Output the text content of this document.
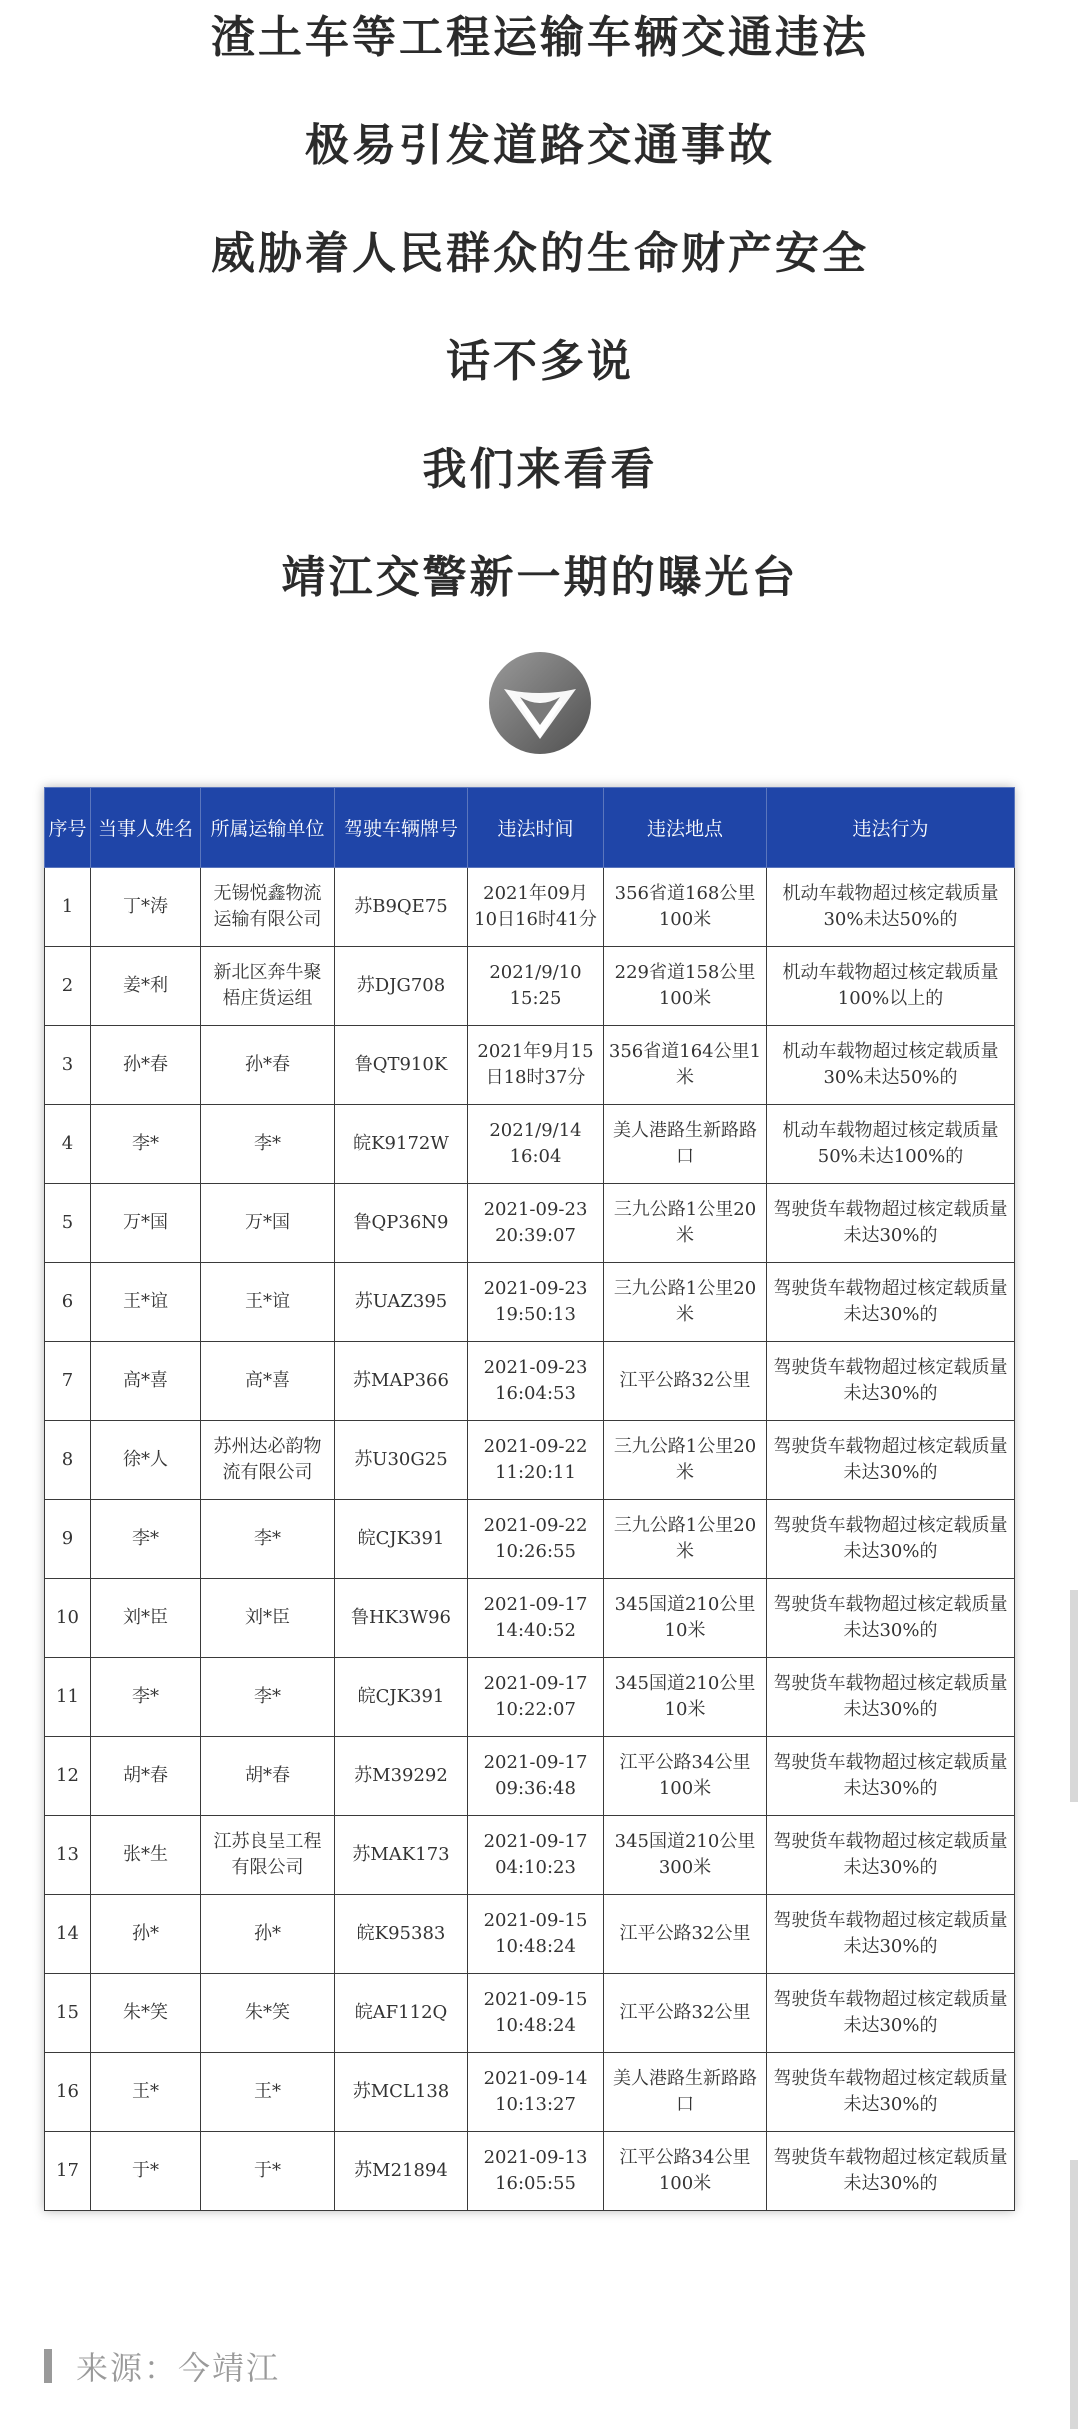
渣土车等工程运输车辆交通违法
极易引发道路交通事故
威胁着人民群众的生命财产安全
话不多说
我们来看看
靖江交警新一期的曝光台
序号	当事人姓名	所属运输单位	驾驶车辆牌号	违法时间	违法地点	违法行为
1	丁*涛	无锡悦鑫物流运输有限公司	苏B9QE75	2021年09月10日16时41分	356省道168公里100米	机动车载物超过核定载质量30%未达50%的
2	姜*利	新北区奔牛聚梧庄货运组	苏DJG708	2021/9/10 15:25	229省道158公里100米	机动车载物超过核定载质量100%以上的
3	孙*春	孙*春	鲁QT910K	2021年9月15日18时37分	356省道164公里1米	机动车载物超过核定载质量30%未达50%的
4	李*	李*	皖K9172W	2021/9/14 16:04	美人港路生新路路口	机动车载物超过核定载质量50%未达100%的
5	万*国	万*国	鲁QP36N9	2021-09-23 20:39:07	三九公路1公里20米	驾驶货车载物超过核定载质量未达30%的
6	王*谊	王*谊	苏UAZ395	2021-09-23 19:50:13	三九公路1公里20米	驾驶货车载物超过核定载质量未达30%的
7	高*喜	高*喜	苏MAP366	2021-09-23 16:04:53	江平公路32公里	驾驶货车载物超过核定载质量未达30%的
8	徐*人	苏州达必韵物流有限公司	苏U30G25	2021-09-22 11:20:11	三九公路1公里20米	驾驶货车载物超过核定载质量未达30%的
9	李*	李*	皖CJK391	2021-09-22 10:26:55	三九公路1公里20米	驾驶货车载物超过核定载质量未达30%的
10	刘*臣	刘*臣	鲁HK3W96	2021-09-17 14:40:52	345国道210公里10米	驾驶货车载物超过核定载质量未达30%的
11	李*	李*	皖CJK391	2021-09-17 10:22:07	345国道210公里10米	驾驶货车载物超过核定载质量未达30%的
12	胡*春	胡*春	苏M39292	2021-09-17 09:36:48	江平公路34公里100米	驾驶货车载物超过核定载质量未达30%的
13	张*生	江苏良呈工程有限公司	苏MAK173	2021-09-17 04:10:23	345国道210公里300米	驾驶货车载物超过核定载质量未达30%的
14	孙*	孙*	皖K95383	2021-09-15 10:48:24	江平公路32公里	驾驶货车载物超过核定载质量未达30%的
15	朱*笑	朱*笑	皖AF112Q	2021-09-15 10:48:24	江平公路32公里	驾驶货车载物超过核定载质量未达30%的
16	王*	王*	苏MCL138	2021-09-14 10:13:27	美人港路生新路路口	驾驶货车载物超过核定载质量未达30%的
17	于*	于*	苏M21894	2021-09-13 16:05:55	江平公路34公里100米	驾驶货车载物超过核定载质量未达30%的
来源：今靖江
